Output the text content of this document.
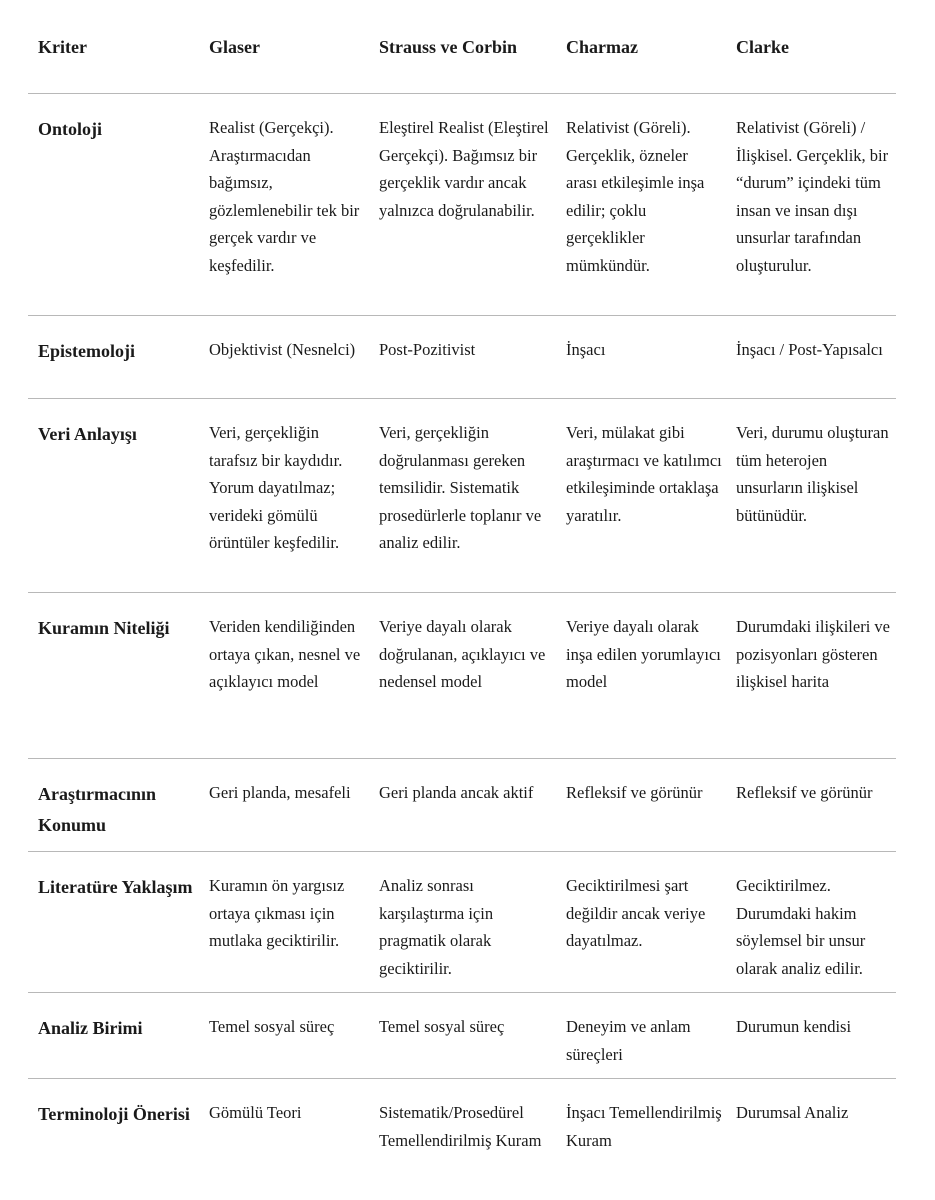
Kriter	Glaser	Strauss ve Corbin	Charmaz	Clarke
Ontoloji	Realist (Gerçekçi). Araştırmacıdan bağımsız, gözlemlenebilir tek bir gerçek vardır ve keşfedilir.	Eleştirel Realist (Eleştirel Gerçekçi). Bağımsız bir gerçeklik vardır ancak yalnızca doğrulanabilir.	Relativist (Göreli). Gerçeklik, özneler arası etkileşimle inşa edilir; çoklu gerçeklikler mümkündür.	Relativist (Göreli) / İlişkisel. Gerçeklik, bir “durum” içindeki tüm insan ve insan dışı unsurlar tarafından oluşturulur.
Epistemoloji	Objektivist (Nesnelci)	Post-Pozitivist	İnşacı	İnşacı / Post-Yapısalcı
Veri Anlayışı	Veri, gerçekliğin tarafsız bir kaydıdır. Yorum dayatılmaz; verideki gömülü örüntüler keşfedilir.	Veri, gerçekliğin doğrulanması gereken temsilidir. Sistematik prosedürlerle toplanır ve analiz edilir.	Veri, mülakat gibi araştırmacı ve katılımcı etkileşiminde ortaklaşa yaratılır.	Veri, durumu oluşturan tüm heterojen unsurların ilişkisel bütünüdür.
Kuramın Niteliği	Veriden kendiliğinden ortaya çıkan, nesnel ve açıklayıcı model	Veriye dayalı olarak doğrulanan, açıklayıcı ve nedensel model	Veriye dayalı olarak inşa edilen yorumlayıcı model	Durumdaki ilişkileri ve pozisyonları gösteren ilişkisel harita
Araştırmacının Konumu	Geri planda, mesafeli	Geri planda ancak aktif	Refleksif ve görünür	Refleksif ve görünür
Literatüre Yaklaşım	Kuramın ön yargısız ortaya çıkması için mutlaka geciktirilir.	Analiz sonrası karşılaştırma için pragmatik olarak geciktirilir.	Geciktirilmesi şart değildir ancak veriye dayatılmaz.	Geciktirilmez. Durumdaki hakim söylemsel bir unsur olarak analiz edilir.
Analiz Birimi	Temel sosyal süreç	Temel sosyal süreç	Deneyim ve anlam süreçleri	Durumun kendisi
Terminoloji Önerisi	Gömülü Teori	Sistematik/Prosedürel Temellendirilmiş Kuram	İnşacı Temellendirilmiş Kuram	Durumsal Analiz
